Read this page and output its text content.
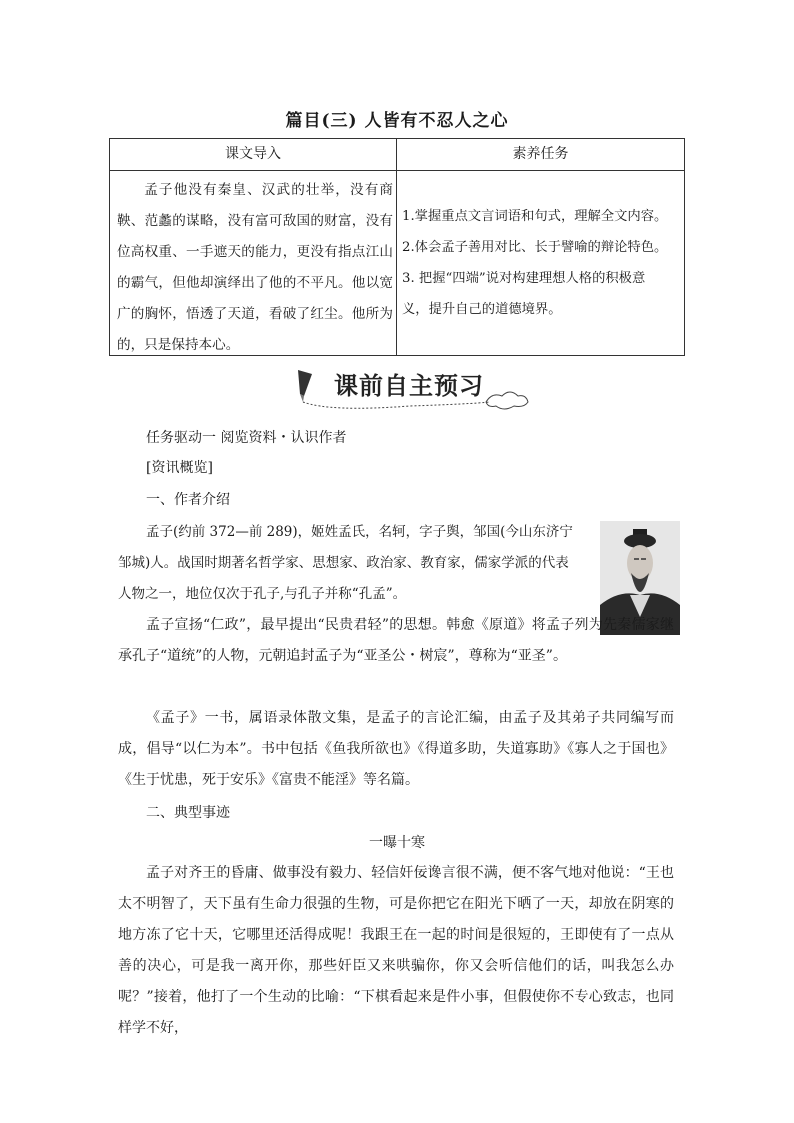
篇目(三) 人皆有不忍人之心
课文导入	素养任务
孟子他没有秦皇、汉武的壮举，没有商鞅、范蠡的谋略，没有富可敌国的财富，没有位高权重、一手遮天的能力，更没有指点江山的霸气，但他却演绎出了他的不平凡。他以宽广的胸怀，悟透了天道，看破了红尘。他所为的，只是保持本心。
1.掌握重点文言词语和句式，理解全文内容。
2.体会孟子善用对比、长于譬喻的辩论特色。
3. 把握“四端”说对构建理想人格的积极意
义，提升自己的道德境界。
课前自主预习
任务驱动一 阅览资料・认识作者
[资讯概览]
一、作者介绍
孟子(约前 372—前 289)，姬姓孟氏，名轲，字子舆，邹国(今山东济宁
邹城)人。战国时期著名哲学家、思想家、政治家、教育家，儒家学派的代表
人物之一，地位仅次于孔子,与孔子并称“孔孟”。
孟子宣扬“仁政”，最早提出“民贵君轻”的思想。韩愈《原道》将孟子列为先秦儒家继承孔子“道统”的人物，元朝追封孟子为“亚圣公・树宸”，尊称为“亚圣”。
《孟子》一书，属语录体散文集，是孟子的言论汇编，由孟子及其弟子共同编写而成，倡导“以仁为本”。书中包括《鱼我所欲也》《得道多助，失道寡助》《寡人之于国也》《生于忧患，死于安乐》《富贵不能淫》等名篇。
二、典型事迹
一曝十寒
孟子对齐王的昏庸、做事没有毅力、轻信奸佞谗言很不满，便不客气地对他说：“王也太不明智了，天下虽有生命力很强的生物，可是你把它在阳光下晒了一天，却放在阴寒的地方冻了它十天，它哪里还活得成呢！我跟王在一起的时间是很短的，王即使有了一点从善的决心，可是我一离开你，那些奸臣又来哄骗你，你又会听信他们的话，叫我怎么办呢？”接着，他打了一个生动的比喻：“下棋看起来是件小事，但假使你不专心致志，也同样学不好，
